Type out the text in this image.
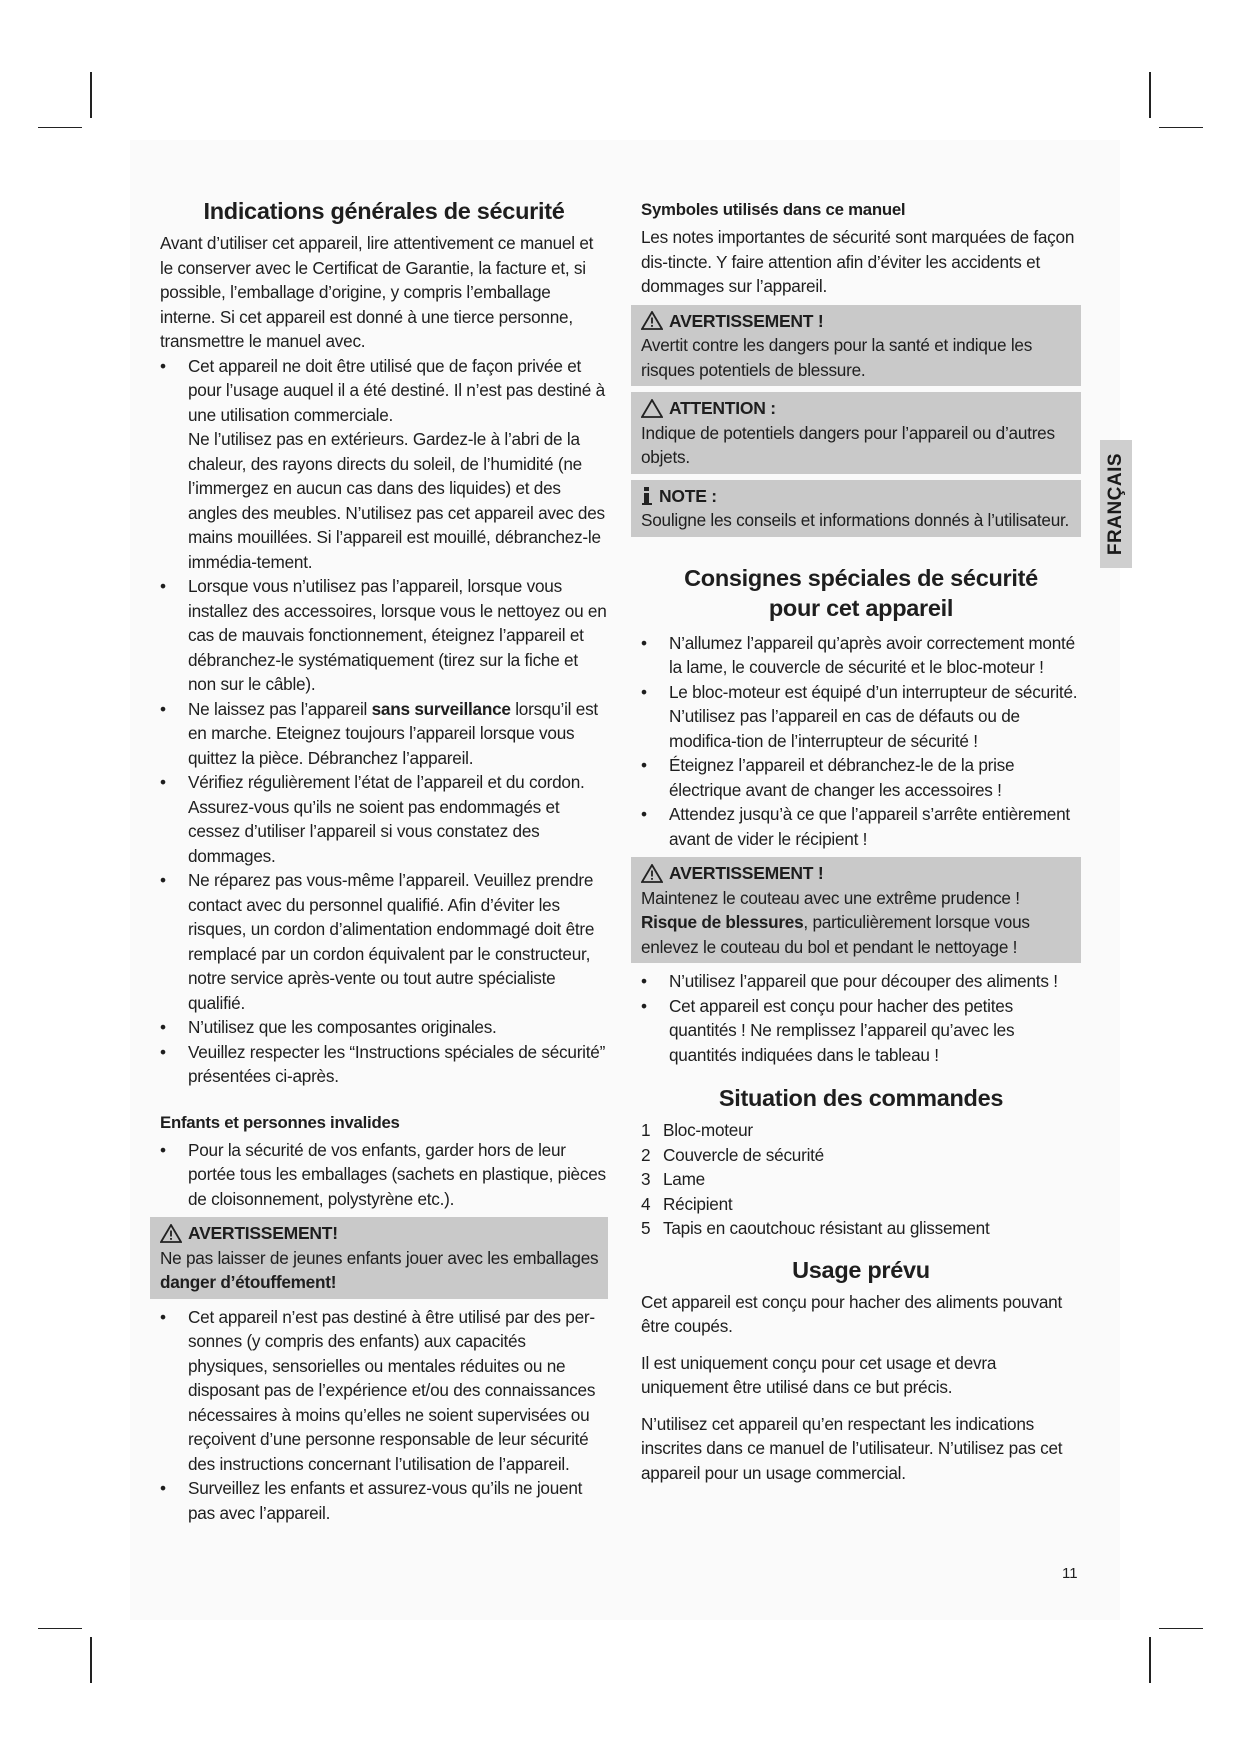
Indications générales de sécurité

Avant d’utiliser cet appareil, lire attentivement ce manuel et le conserver avec le Certificat de Garantie, la facture et, si possible, l’emballage d’origine, y compris l’emballage interne. Si cet appareil est donné à une tierce personne, transmettre le manuel avec.

•	Cet appareil ne doit être utilisé que de façon privée et pour l’usage auquel il a été destiné. Il n’est pas destiné à une utilisation commerciale.
Ne l’utilisez pas en extérieurs. Gardez-le à l’abri de la chaleur, des rayons directs du soleil, de l’humidité (ne l’immergez en aucun cas dans des liquides) et des angles des meubles. N’utilisez pas cet appareil avec des mains mouillées. Si l’appareil est mouillé, débranchez-le immédia-tement.
•	Lorsque vous n’utilisez pas l’appareil, lorsque vous installez des accessoires, lorsque vous le nettoyez ou en cas de mauvais fonctionnement, éteignez l’appareil et débranchez-le systématiquement (tirez sur la fiche et non sur le câble).
•	Ne laissez pas l’appareil sans surveillance lorsqu’il est en marche. Eteignez toujours l’appareil lorsque vous quittez la pièce. Débranchez l’appareil.
•	Vérifiez régulièrement l’état de l’appareil et du cordon. Assurez-vous qu’ils ne soient pas endommagés et cessez d’utiliser l’appareil si vous constatez des dommages.
•	Ne réparez pas vous-même l’appareil. Veuillez prendre contact avec du personnel qualifié. Afin d’éviter les risques, un cordon d’alimentation endommagé doit être remplacé par un cordon équivalent par le constructeur, notre service après-vente ou tout autre spécialiste qualifié.
•	N’utilisez que les composantes originales.
•	Veuillez respecter les “Instructions spéciales de sécurité” présentées ci-après.
Enfants et personnes invalides
•	Pour la sécurité de vos enfants, garder hors de leur portée tous les emballages (sachets en plastique, pièces de cloisonnement, polystyrène etc.).
AVERTISSEMENT!
Ne pas laisser de jeunes enfants jouer avec les emballages
danger d’étouffement!
•	Cet appareil n’est pas destiné à être utilisé par des per-sonnes (y compris des enfants) aux capacités physiques, sensorielles ou mentales réduites ou ne disposant pas de l’expérience et/ou des connaissances nécessaires à moins qu’elles ne soient supervisées ou reçoivent d’une personne responsable de leur sécurité des instructions concernant l’utilisation de l’appareil.
•	Surveillez les enfants et assurez-vous qu’ils ne jouent pas avec l’appareil.
Symboles utilisés dans ce manuel

Les notes importantes de sécurité sont marquées de façon dis-tincte. Y faire attention afin d’éviter les accidents et dommages sur l’appareil.

AVERTISSEMENT !
Avertit contre les dangers pour la santé et indique les risques potentiels de blessure.
ATTENTION :
Indique de potentiels dangers pour l’appareil ou d’autres objets.
NOTE :
Souligne les conseils et informations donnés à l’utilisateur.
Consignes spéciales de sécurité
pour cet appareil
•	N’allumez l’appareil qu’après avoir correctement monté la lame, le couvercle de sécurité et le bloc-moteur !
•	Le bloc-moteur est équipé d’un interrupteur de sécurité. N’utilisez pas l’appareil en cas de défauts ou de modifica-tion de l’interrupteur de sécurité !
•	Éteignez l’appareil et débranchez-le de la prise électrique avant de changer les accessoires !
•	Attendez jusqu’à ce que l’appareil s’arrête entièrement avant de vider le récipient !
AVERTISSEMENT !
Maintenez le couteau avec une extrême prudence !
Risque de blessures, particulièrement lorsque vous enlevez le couteau du bol et pendant le nettoyage !
•	N’utilisez l’appareil que pour découper des aliments !
•	Cet appareil est conçu pour hacher des petites quantités ! Ne remplissez l’appareil qu’avec les quantités indiquées dans le tableau !
Situation des commandes
1 Bloc-moteur
2 Couvercle de sécurité
3 Lame
4 Récipient
5 Tapis en caoutchouc résistant au glissement
Usage prévu

Cet appareil est conçu pour hacher des aliments pouvant être coupés.

Il est uniquement conçu pour cet usage et devra uniquement être utilisé dans ce but précis.

N’utilisez cet appareil qu’en respectant les indications inscrites dans ce manuel de l’utilisateur. N’utilisez pas cet appareil pour un usage commercial.

FRANÇAIS
11
